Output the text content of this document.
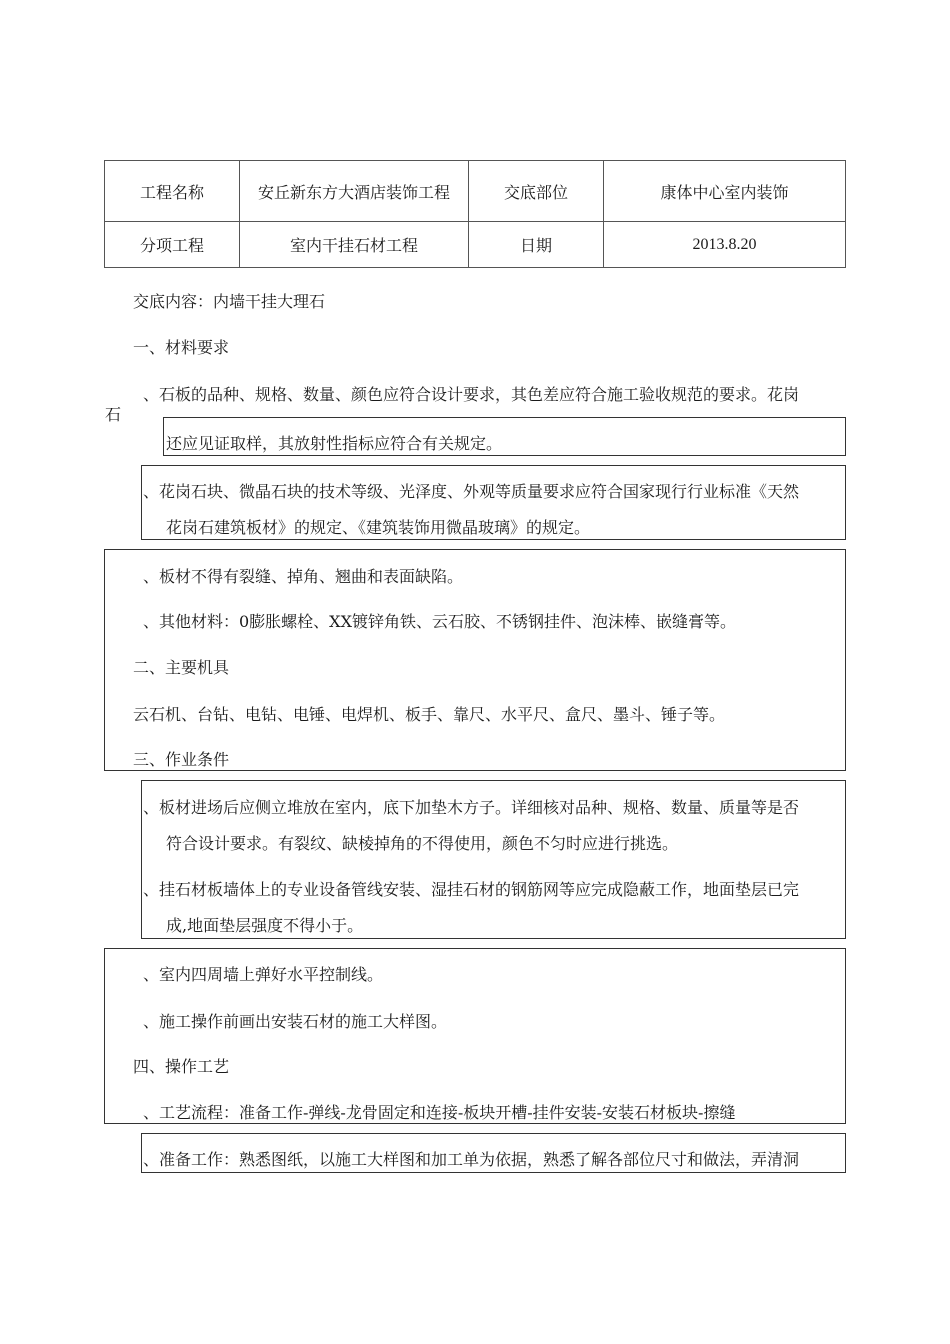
工程名称	安丘新东方大酒店装饰工程	交底部位	康体中心室内装饰
分项工程	室内干挂石材工程	日期	2013.8.20
交底内容：内墙干挂大理石
一、材料要求
、石板的品种、规格、数量、颜色应符合设计要求，其色差应符合施工验收规范的要求。花岗
石
还应见证取样，其放射性指标应符合有关规定。
、花岗石块、微晶石块的技术等级、光泽度、外观等质量要求应符合国家现行行业标准《天然
花岗石建筑板材》的规定、《建筑装饰用微晶玻璃》的规定。
、板材不得有裂缝、掉角、翘曲和表面缺陷。
、其他材料：0膨胀螺栓、XX镀锌角铁、云石胶、不锈钢挂件、泡沫棒、嵌缝膏等。
二、主要机具
云石机、台钻、电钻、电锤、电焊机、板手、靠尺、水平尺、盒尺、墨斗、锤子等。
三、作业条件
、板材进场后应侧立堆放在室内，底下加垫木方子。详细核对品种、规格、数量、质量等是否
符合设计要求。有裂纹、缺棱掉角的不得使用，颜色不匀时应进行挑选。
、挂石材板墙体上的专业设备管线安装、湿挂石材的钢筋网等应完成隐蔽工作，地面垫层已完
成,地面垫层强度不得小于。
、室内四周墙上弹好水平控制线。
、施工操作前画出安装石材的施工大样图。
四、操作工艺
、工艺流程：准备工作-弹线-龙骨固定和连接-板块开槽-挂件安装-安装石材板块-擦缝
、准备工作：熟悉图纸，以施工大样图和加工单为依据，熟悉了解各部位尺寸和做法，弄清洞
